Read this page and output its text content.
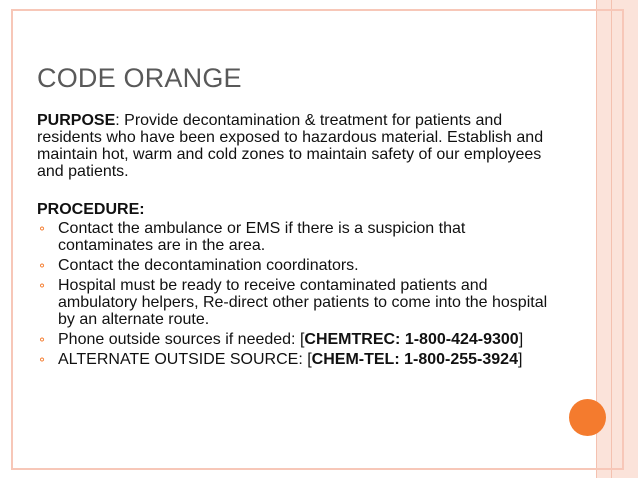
CODE ORANGE

PURPOSE: Provide decontamination & treatment for patients and residents who have been exposed to hazardous material. Establish and maintain hot, warm and cold zones to maintain safety of our employees and patients.

PROCEDURE:

⚬ Contact the ambulance or EMS if there is a suspicion that contaminates are in the area.
⚬ Contact the decontamination coordinators.
⚬ Hospital must be ready to receive contaminated patients and ambulatory helpers, Re-direct other patients to come into the hospital by an alternate route.
⚬ Phone outside sources if needed: [CHEMTREC: 1-800-424-9300]
⚬ ALTERNATE OUTSIDE SOURCE: [CHEM-TEL: 1-800-255-3924]
